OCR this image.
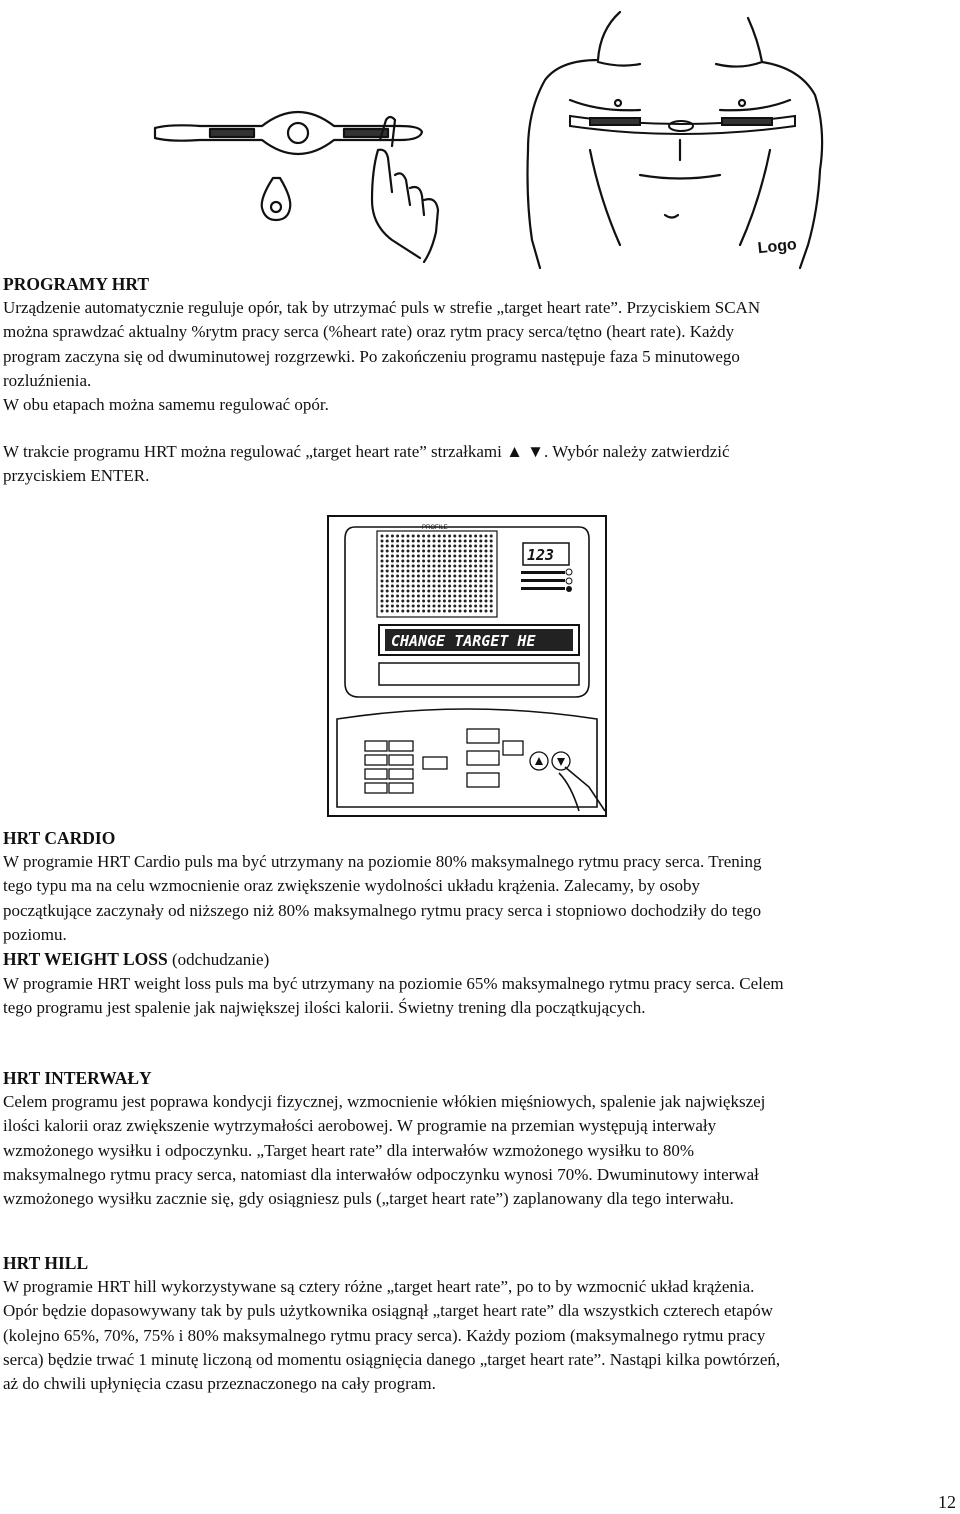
Logo

PROGRAMY HRT

Urządzenie automatycznie reguluje opór, tak by utrzymać puls w strefie „target heart rate”. Przyciskiem SCAN

można sprawdzać aktualny %rytm pracy serca (%heart rate) oraz rytm pracy serca/tętno (heart rate). Każdy

program zaczyna się od dwuminutowej rozgrzewki. Po zakończeniu programu następuje faza 5 minutowego

rozluźnienia.

W obu etapach można samemu regulować opór.

W trakcie programu HRT można regulować „target heart rate” strzałkami ▲ ▼. Wybór należy zatwierdzić

przyciskiem ENTER.

PROFILE
123
CHANGE TARGET HE

HRT CARDIO

W programie HRT Cardio puls ma być utrzymany na poziomie 80% maksymalnego rytmu pracy serca. Trening

tego typu ma na celu wzmocnienie oraz zwiększenie wydolności układu krążenia. Zalecamy, by osoby

początkujące zaczynały od niższego niż 80% maksymalnego rytmu pracy serca i stopniowo dochodziły do tego

poziomu.

HRT WEIGHT LOSS (odchudzanie)

W programie HRT weight loss puls ma być utrzymany na poziomie 65% maksymalnego rytmu pracy serca. Celem

tego programu jest spalenie jak największej ilości kalorii. Świetny trening dla początkujących.

HRT INTERWAŁY

Celem programu jest poprawa kondycji fizycznej, wzmocnienie włókien mięśniowych, spalenie jak największej

ilości kalorii oraz zwiększenie wytrzymałości aerobowej. W programie na przemian występują interwały

wzmożonego wysiłku i odpoczynku. „Target heart rate” dla interwałów wzmożonego wysiłku to 80%

maksymalnego rytmu pracy serca, natomiast dla interwałów odpoczynku wynosi 70%. Dwuminutowy interwał

wzmożonego wysiłku zacznie się, gdy osiągniesz puls („target heart rate”) zaplanowany dla tego interwału.

HRT HILL

W programie HRT hill wykorzystywane są cztery różne „target heart rate”, po to by wzmocnić układ krążenia.

Opór będzie dopasowywany tak by puls użytkownika osiągnął „target heart rate” dla wszystkich czterech etapów

(kolejno 65%, 70%, 75% i 80% maksymalnego rytmu pracy serca). Każdy poziom (maksymalnego rytmu pracy

serca) będzie trwać 1 minutę liczoną od momentu osiągnięcia danego „target heart rate”. Nastąpi kilka powtórzeń,

aż do chwili upłynięcia czasu przeznaczonego na cały program.

12
